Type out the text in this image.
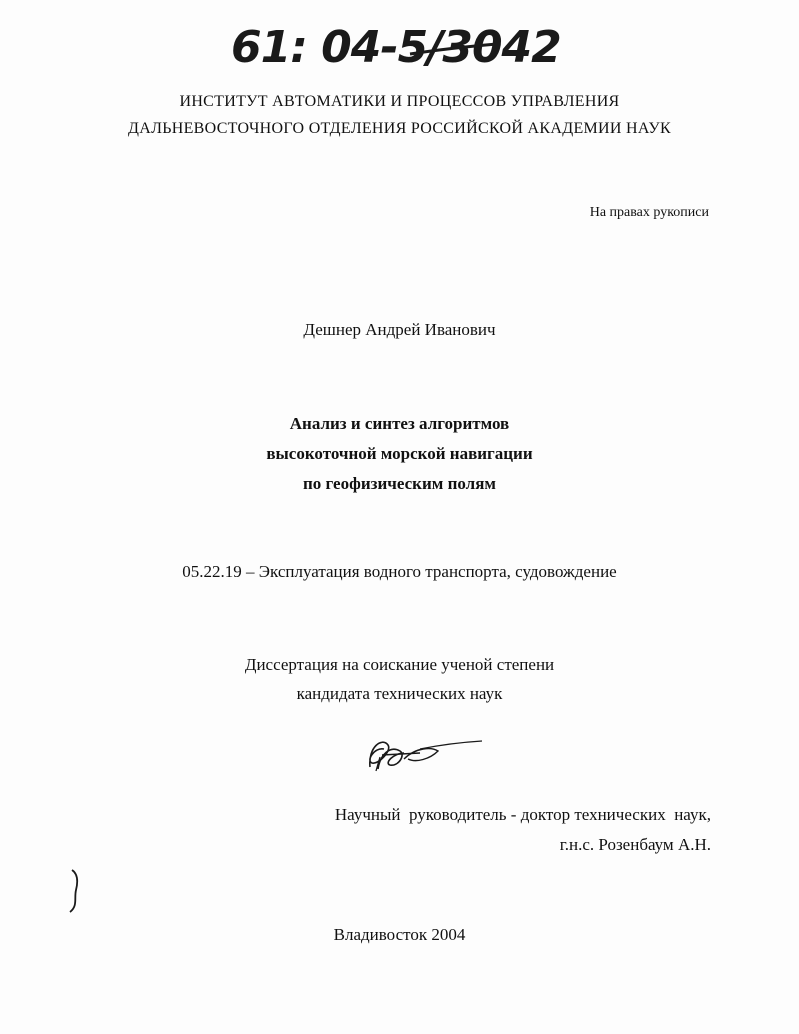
61: 04-5/3042
ИНСТИТУТ АВТОМАТИКИ И ПРОЦЕССОВ УПРАВЛЕНИЯ
ДАЛЬНЕВОСТОЧНОГО ОТДЕЛЕНИЯ РОССИЙСКОЙ АКАДЕМИИ НАУК
На правах рукописи
Дешнер Андрей Иванович
Анализ и синтез алгоритмов
высокоточной морской навигации
по геофизическим полям
05.22.19 – Эксплуатация водного транспорта, судовождение
Диссертация на соискание ученой степени
кандидата технических наук
Научный  руководитель - доктор технических  наук,
г.н.с. Розенбаум А.Н.
Владивосток 2004
